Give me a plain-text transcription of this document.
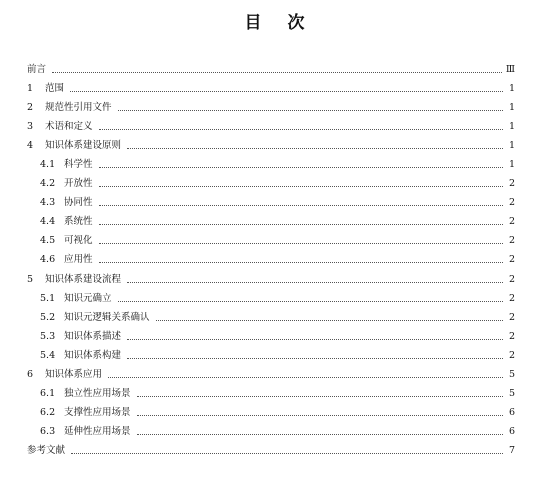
目 次
前言	Ⅲ
1	范围	1
2	规范性引用文件	1
3	术语和定义	1
4	知识体系建设原则	1
4.1 科学性	1
4.2 开放性	2
4.3 协同性	2
4.4 系统性	2
4.5 可视化	2
4.6 应用性	2
5	知识体系建设流程	2
5.1 知识元确立	2
5.2 知识元逻辑关系确认	2
5.3 知识体系描述	2
5.4 知识体系构建	2
6	知识体系应用	5
6.1 独立性应用场景	5
6.2 支撑性应用场景	6
6.3 延伸性应用场景	6
参考文献	7
